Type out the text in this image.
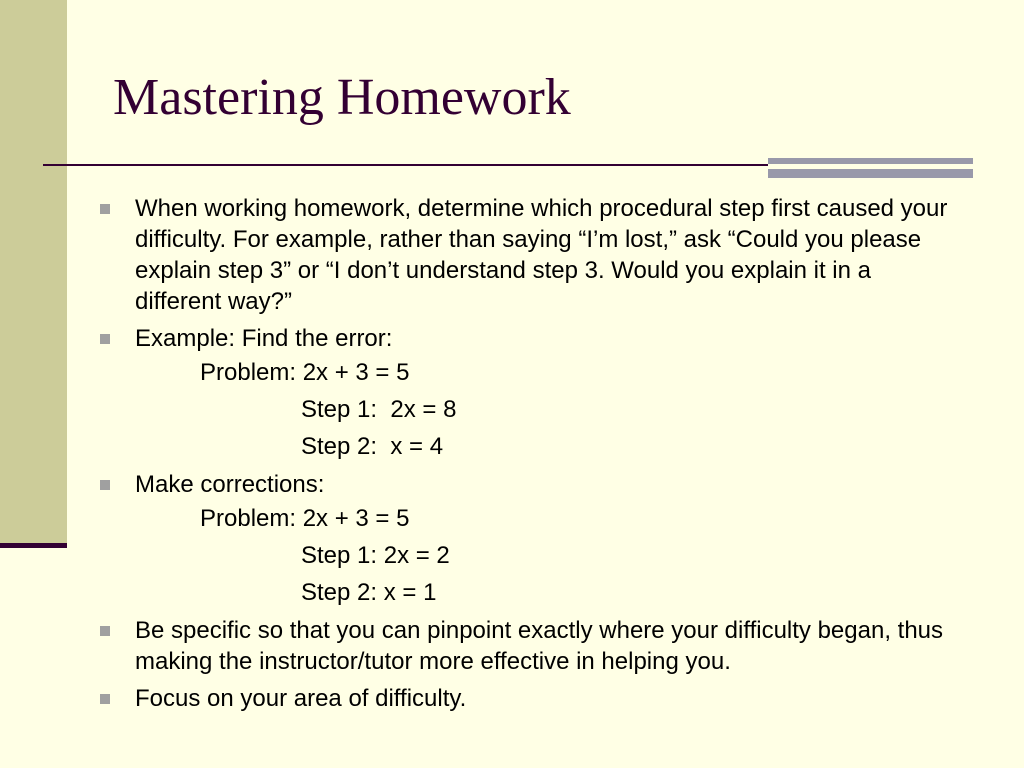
Mastering Homework
When working homework, determine which procedural step first caused your difficulty. For example, rather than saying “I’m lost,” ask “Could you please explain step 3” or “I don’t understand step 3. Would you explain it in a different way?”
Example: Find the error:
Problem: 2x + 3 = 5
Step 1:  2x = 8
Step 2:  x = 4
Make corrections:
Problem: 2x + 3 = 5
Step 1: 2x = 2
Step 2: x = 1
Be specific so that you can pinpoint exactly where your difficulty began, thus making the instructor/tutor more effective in helping you.
Focus on your area of difficulty.
